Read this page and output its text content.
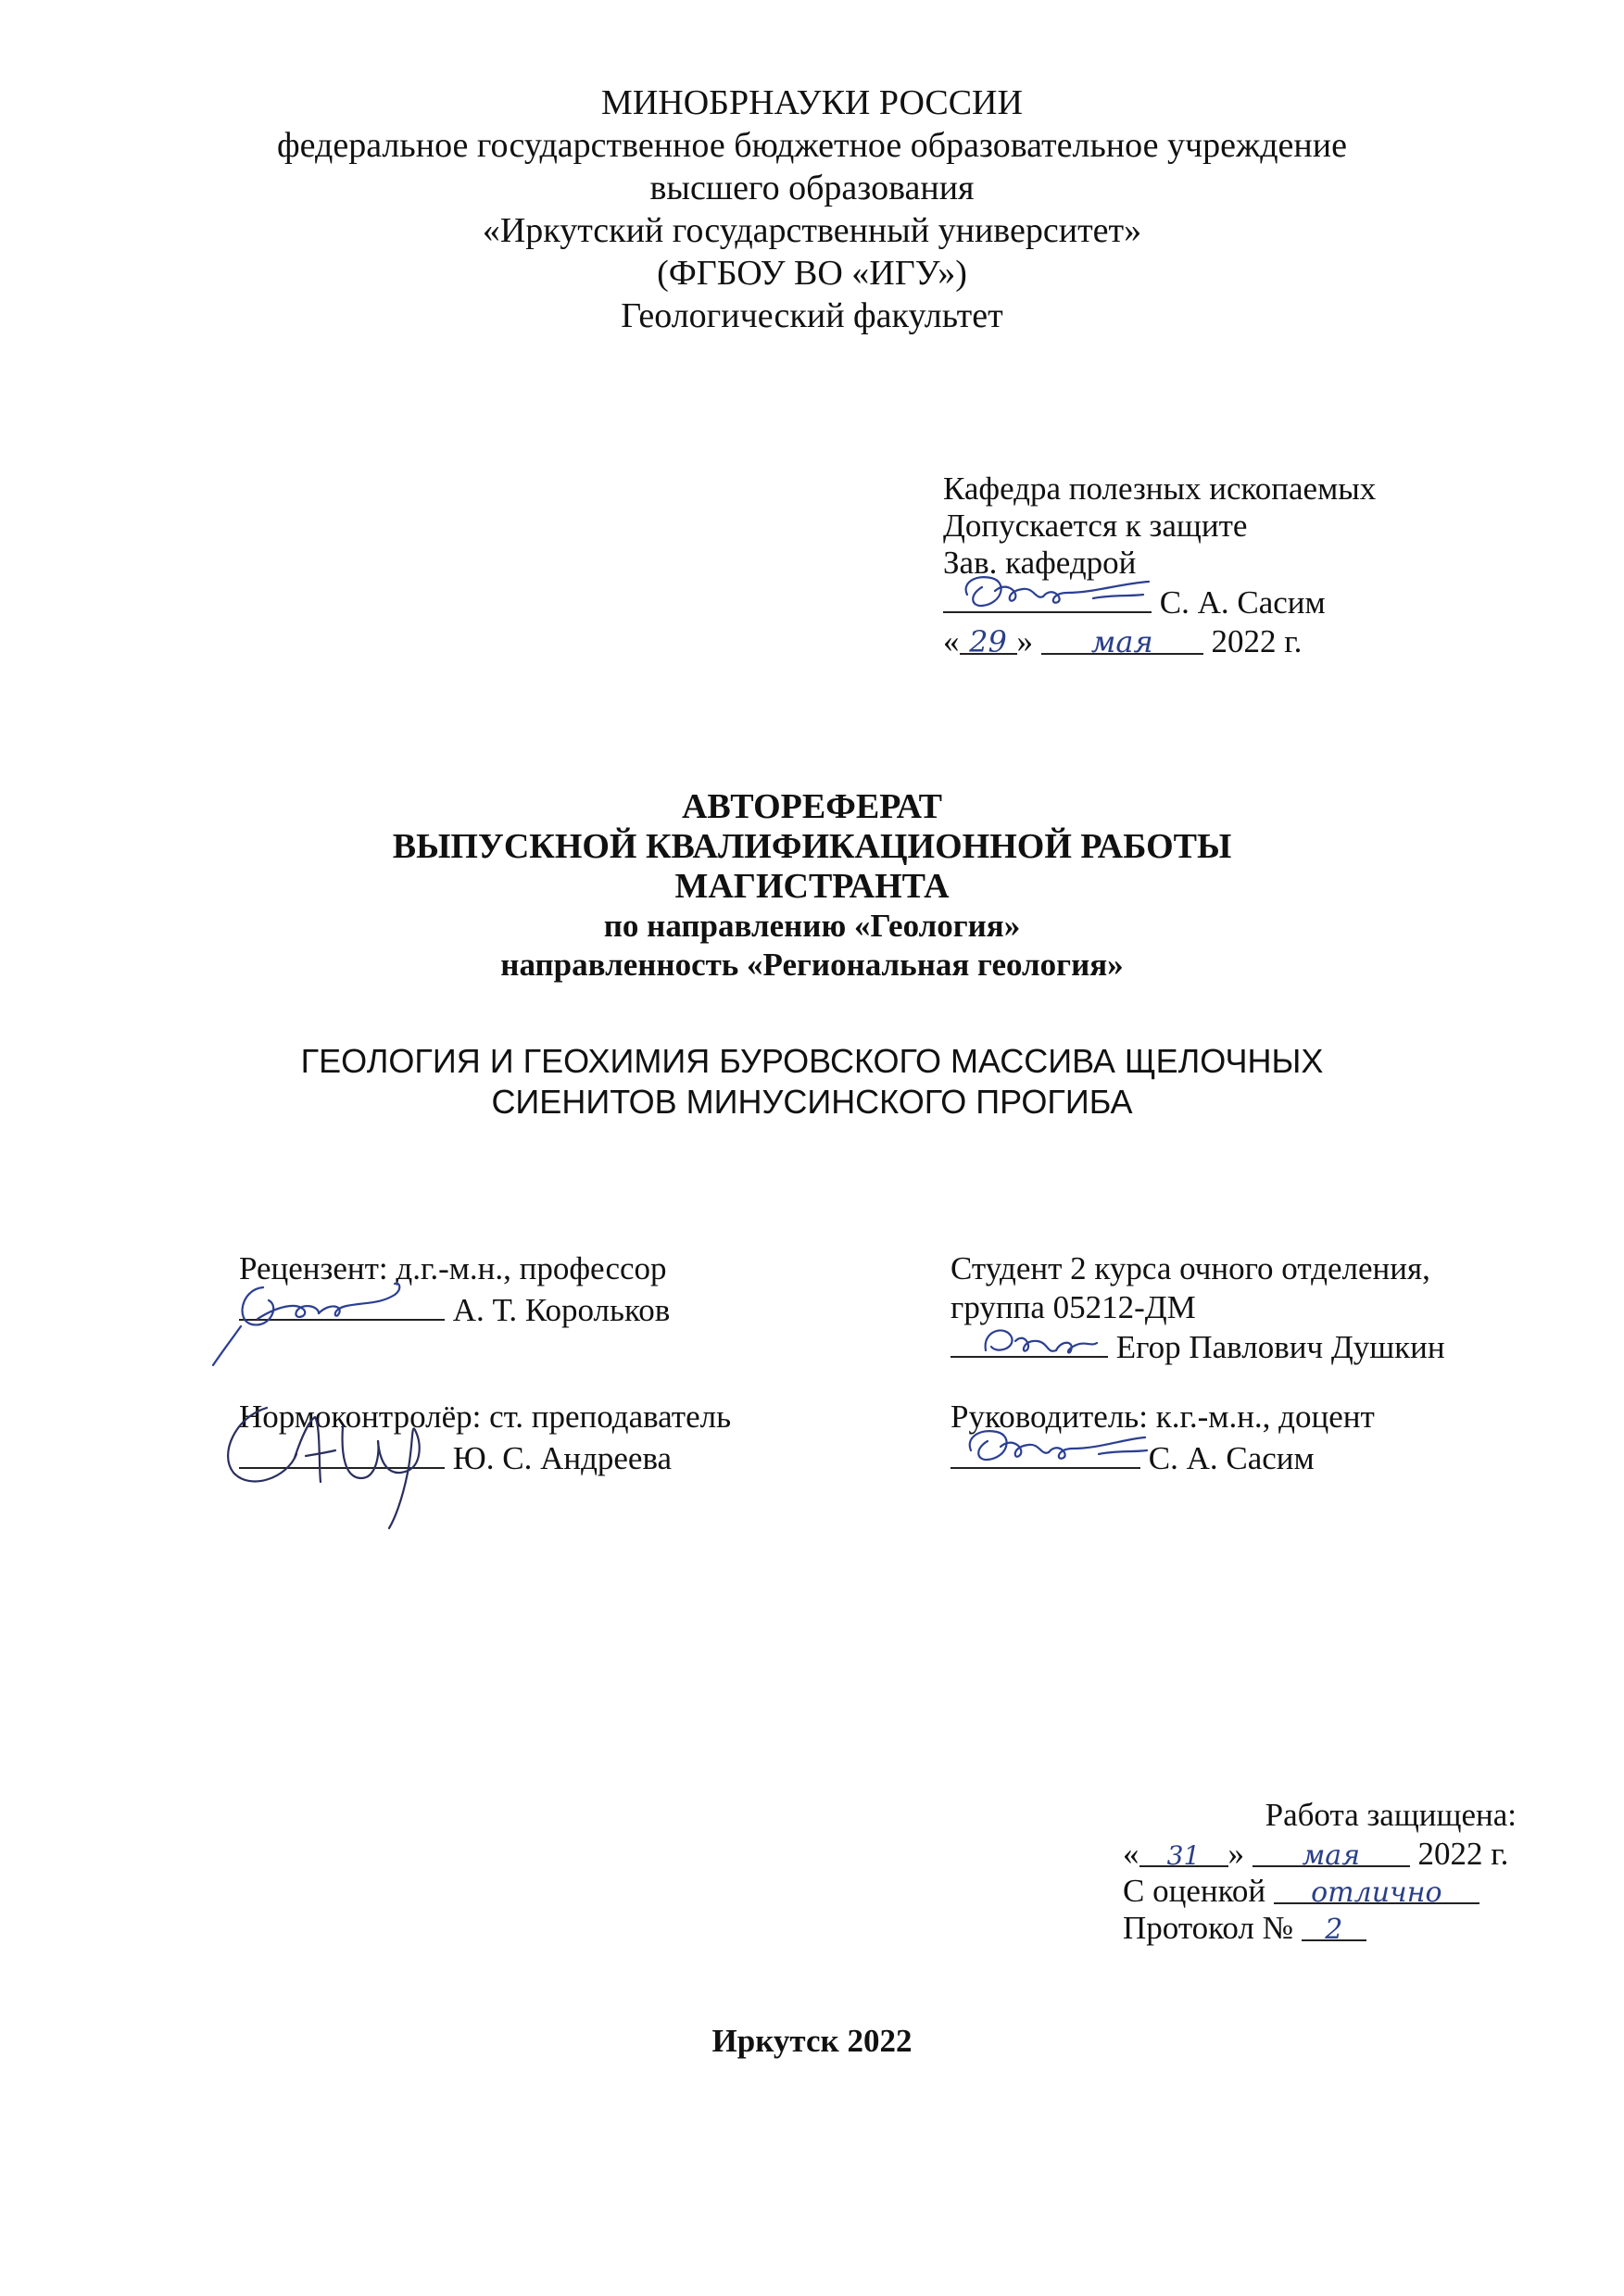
МИНОБРНАУКИ РОССИИ
федеральное государственное бюджетное образовательное учреждение
высшего образования
«Иркутский государственный университет»
(ФГБОУ ВО «ИГУ»)
Геологический факультет
Кафедра полезных ископаемых
Допускается к защите
Зав. кафедрой
С. А. Сасим
« 29 » мая 2022 г.
АВТОРЕФЕРАТ
ВЫПУСКНОЙ КВАЛИФИКАЦИОННОЙ РАБОТЫ
МАГИСТРАНТА
по направлению «Геология»
направленность «Региональная геология»
ГЕОЛОГИЯ И ГЕОХИМИЯ БУРОВСКОГО МАССИВА ЩЕЛОЧНЫХ
СИЕНИТОВ МИНУСИНСКОГО ПРОГИБА
Рецензент: д.г.-м.н., профессор
А. Т. Корольков
Нормоконтролёр: ст. преподаватель
Ю. С. Андреева
Студент 2 курса очного отделения,
группа 05212-ДМ
Егор Павлович Душкин
Руководитель: к.г.-м.н., доцент
С. А. Сасим
Работа защищена:
« 31 » мая 2022 г.
С оценкой отлично
Протокол № 2
Иркутск 2022
